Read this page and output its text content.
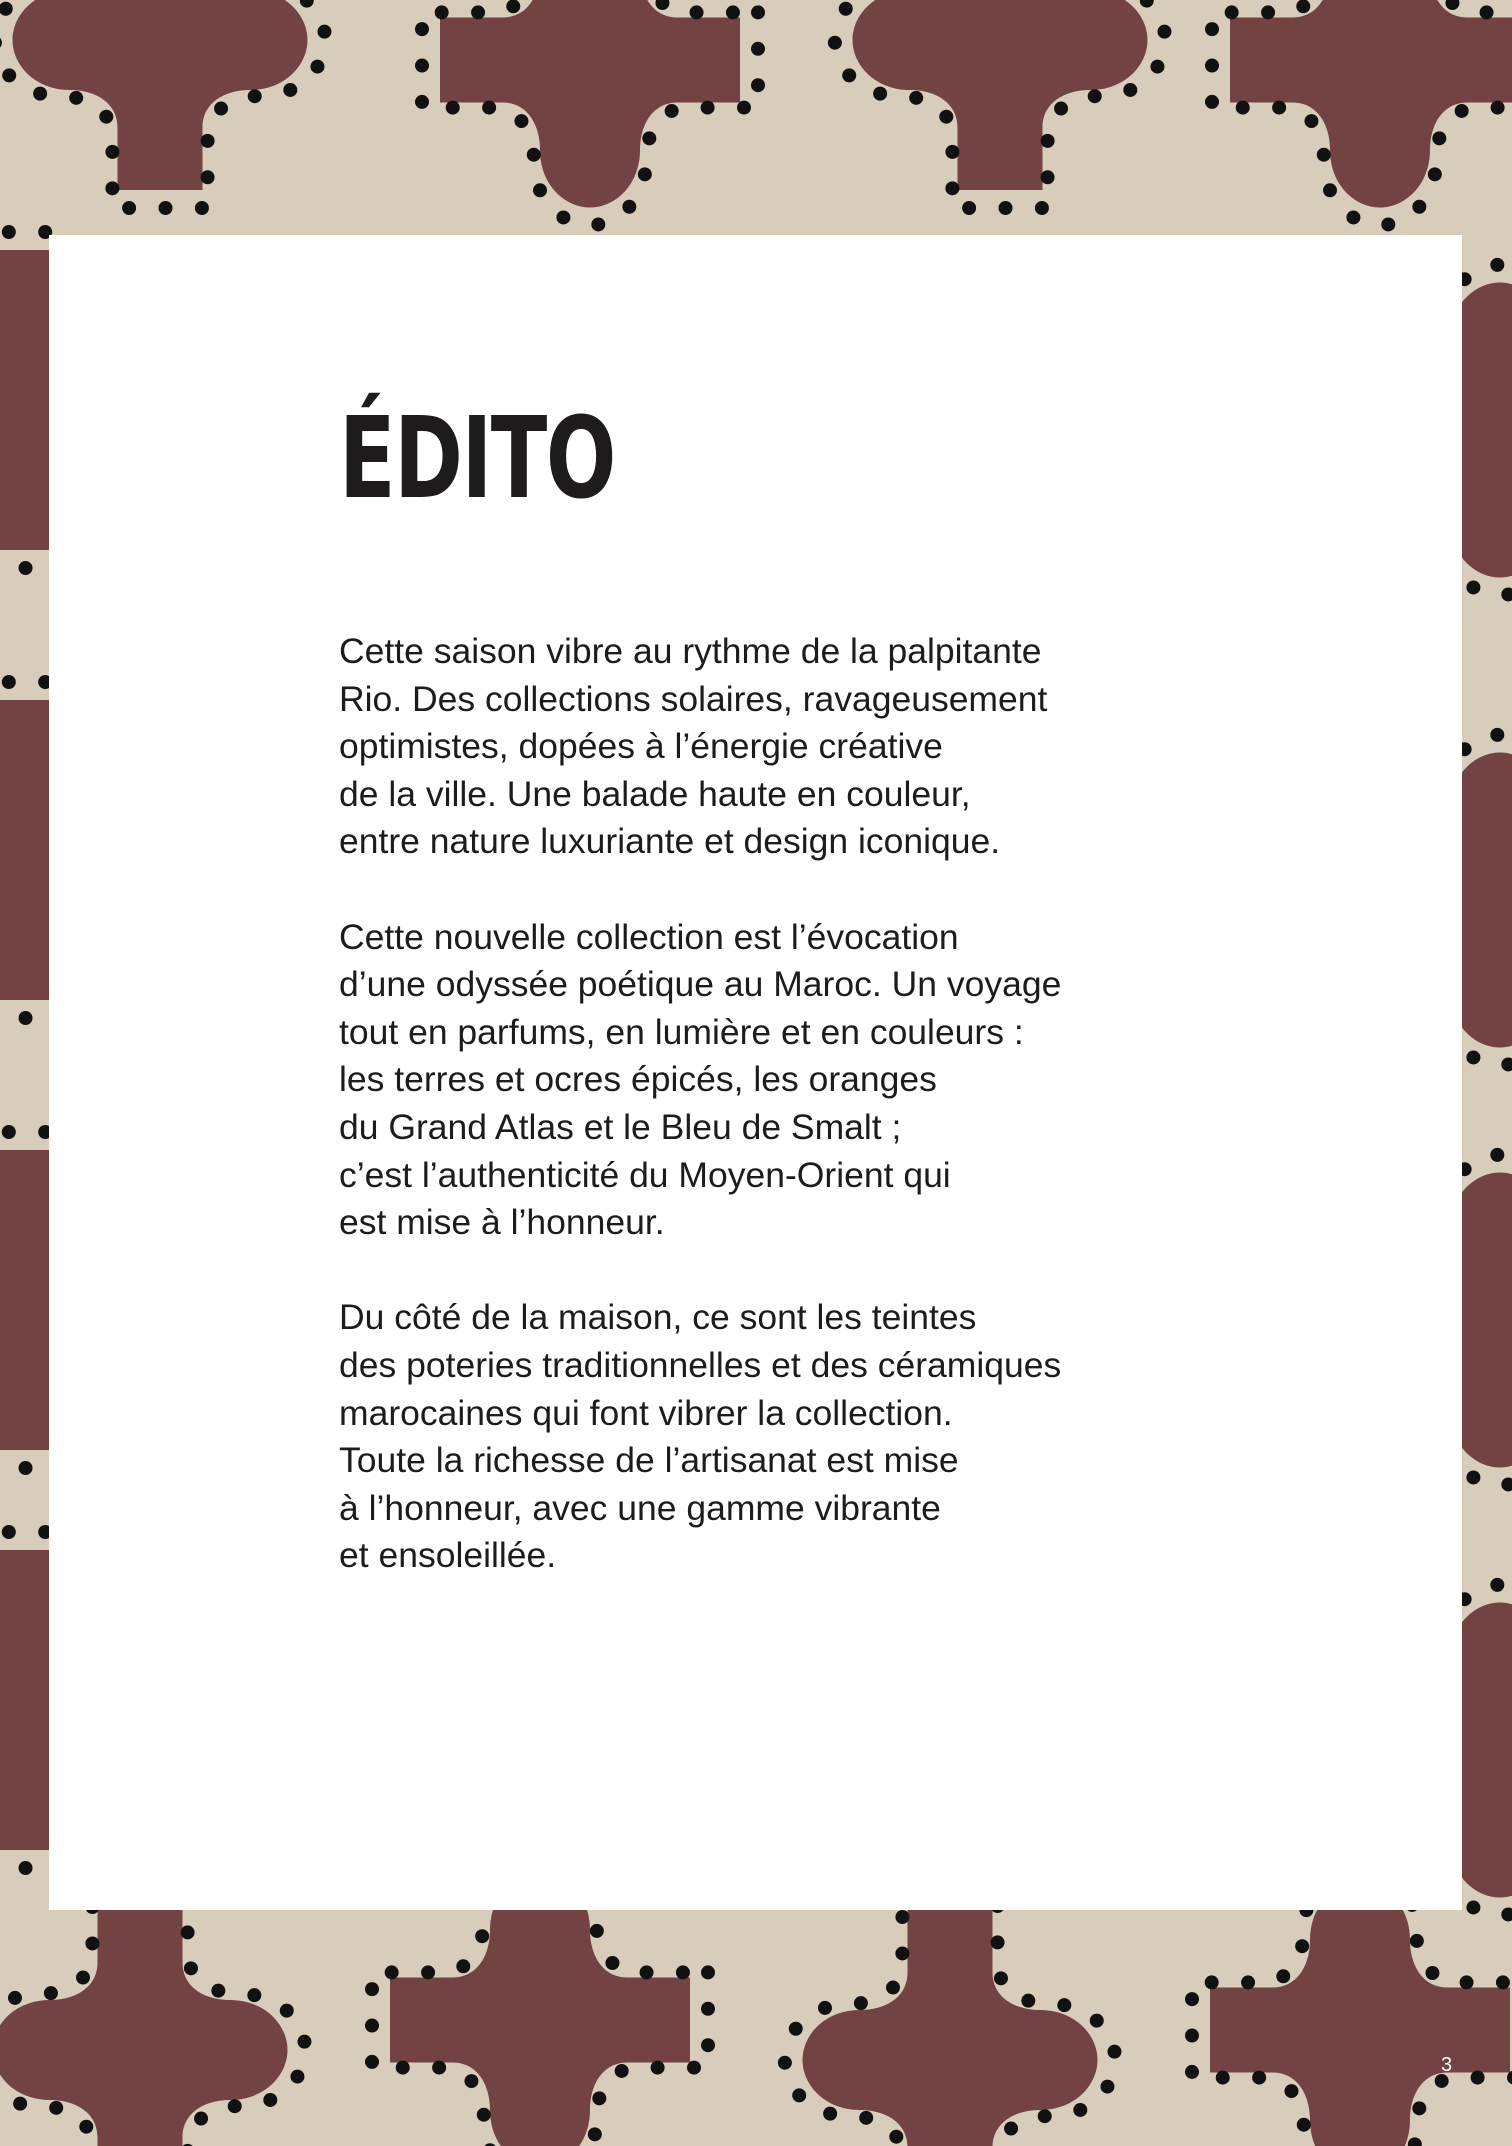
ÉDITO

Cette saison vibre au rythme de la palpitante
Rio. Des collections solaires, ravageusement
optimistes, dopées à l’énergie créative
de la ville. Une balade haute en couleur,
entre nature luxuriante et design iconique.

Cette nouvelle collection est l’évocation
d’une odyssée poétique au Maroc. Un voyage
tout en parfums, en lumière et en couleurs :
les terres et ocres épicés, les oranges
du Grand Atlas et le Bleu de Smalt ;
c’est l’authenticité du Moyen-Orient qui
est mise à l’honneur.

Du côté de la maison, ce sont les teintes
des poteries traditionnelles et des céramiques
marocaines qui font vibrer la collection.
Toute la richesse de l’artisanat est mise
à l’honneur, avec une gamme vibrante
et ensoleillée.

3
